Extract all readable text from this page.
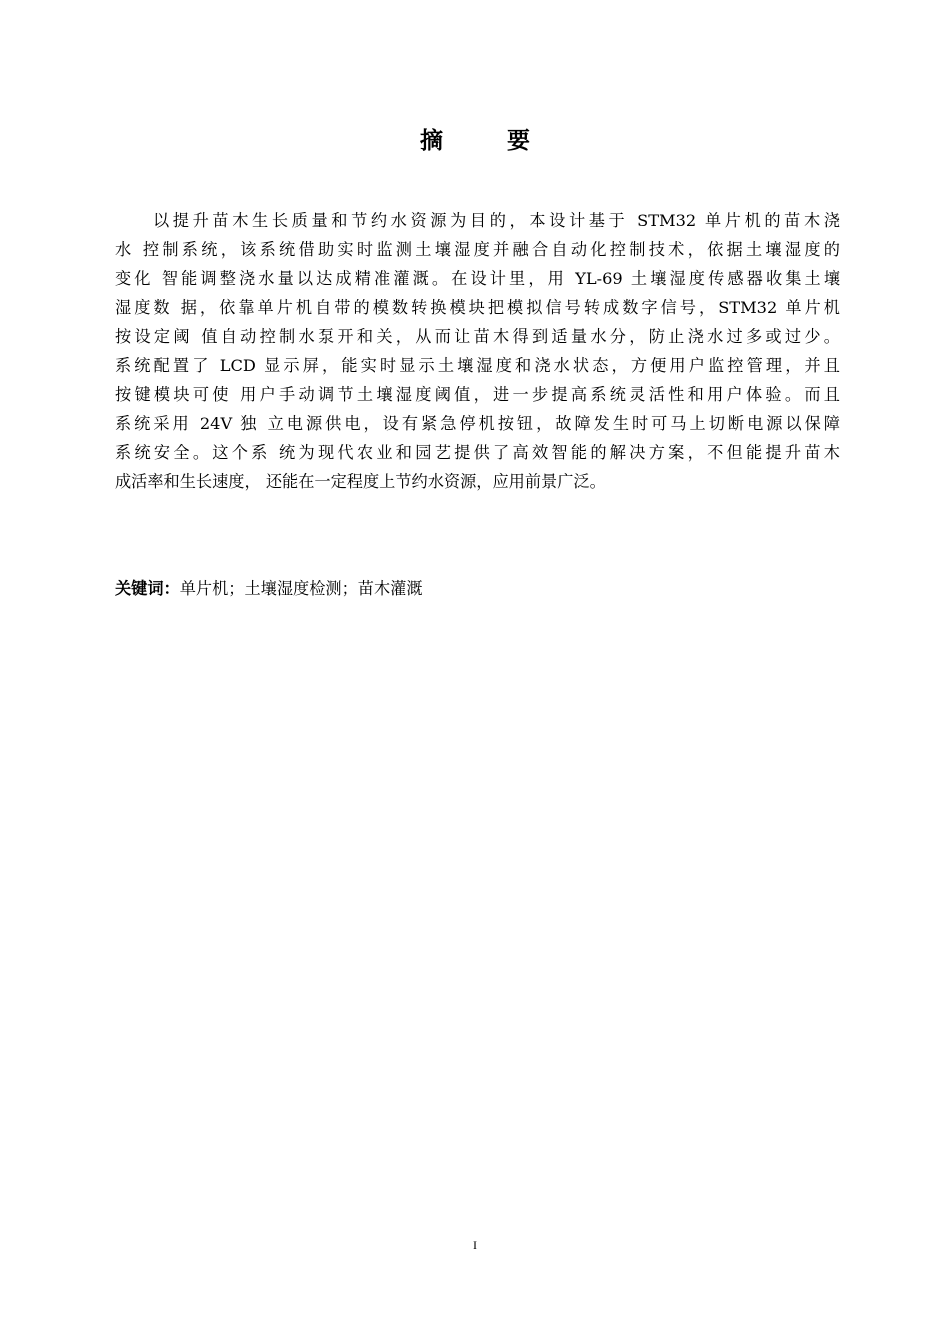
摘 要

以提升苗木生长质量和节约水资源为目的，本设计基于 STM32 单片机的苗木浇

水 控制系统，该系统借助实时监测土壤湿度并融合自动化控制技术，依据土壤湿度的

变化 智能调整浇水量以达成精准灌溉。在设计里，用 YL-69 土壤湿度传感器收集土壤

湿度数 据，依靠单片机自带的模数转换模块把模拟信号转成数字信号，STM32 单片机

按设定阈 值自动控制水泵开和关，从而让苗木得到适量水分，防止浇水过多或过少。

系统配置了 LCD 显示屏，能实时显示土壤湿度和浇水状态，方便用户监控管理，并且

按键模块可使 用户手动调节土壤湿度阈值，进一步提高系统灵活性和用户体验。而且

系统采用 24V 独 立电源供电，设有紧急停机按钮，故障发生时可马上切断电源以保障

系统安全。这个系 统为现代农业和园艺提供了高效智能的解决方案，不但能提升苗木

成活率和生长速度， 还能在一定程度上节约水资源，应用前景广泛。

关键词：单片机；土壤湿度检测；苗木灌溉
I
